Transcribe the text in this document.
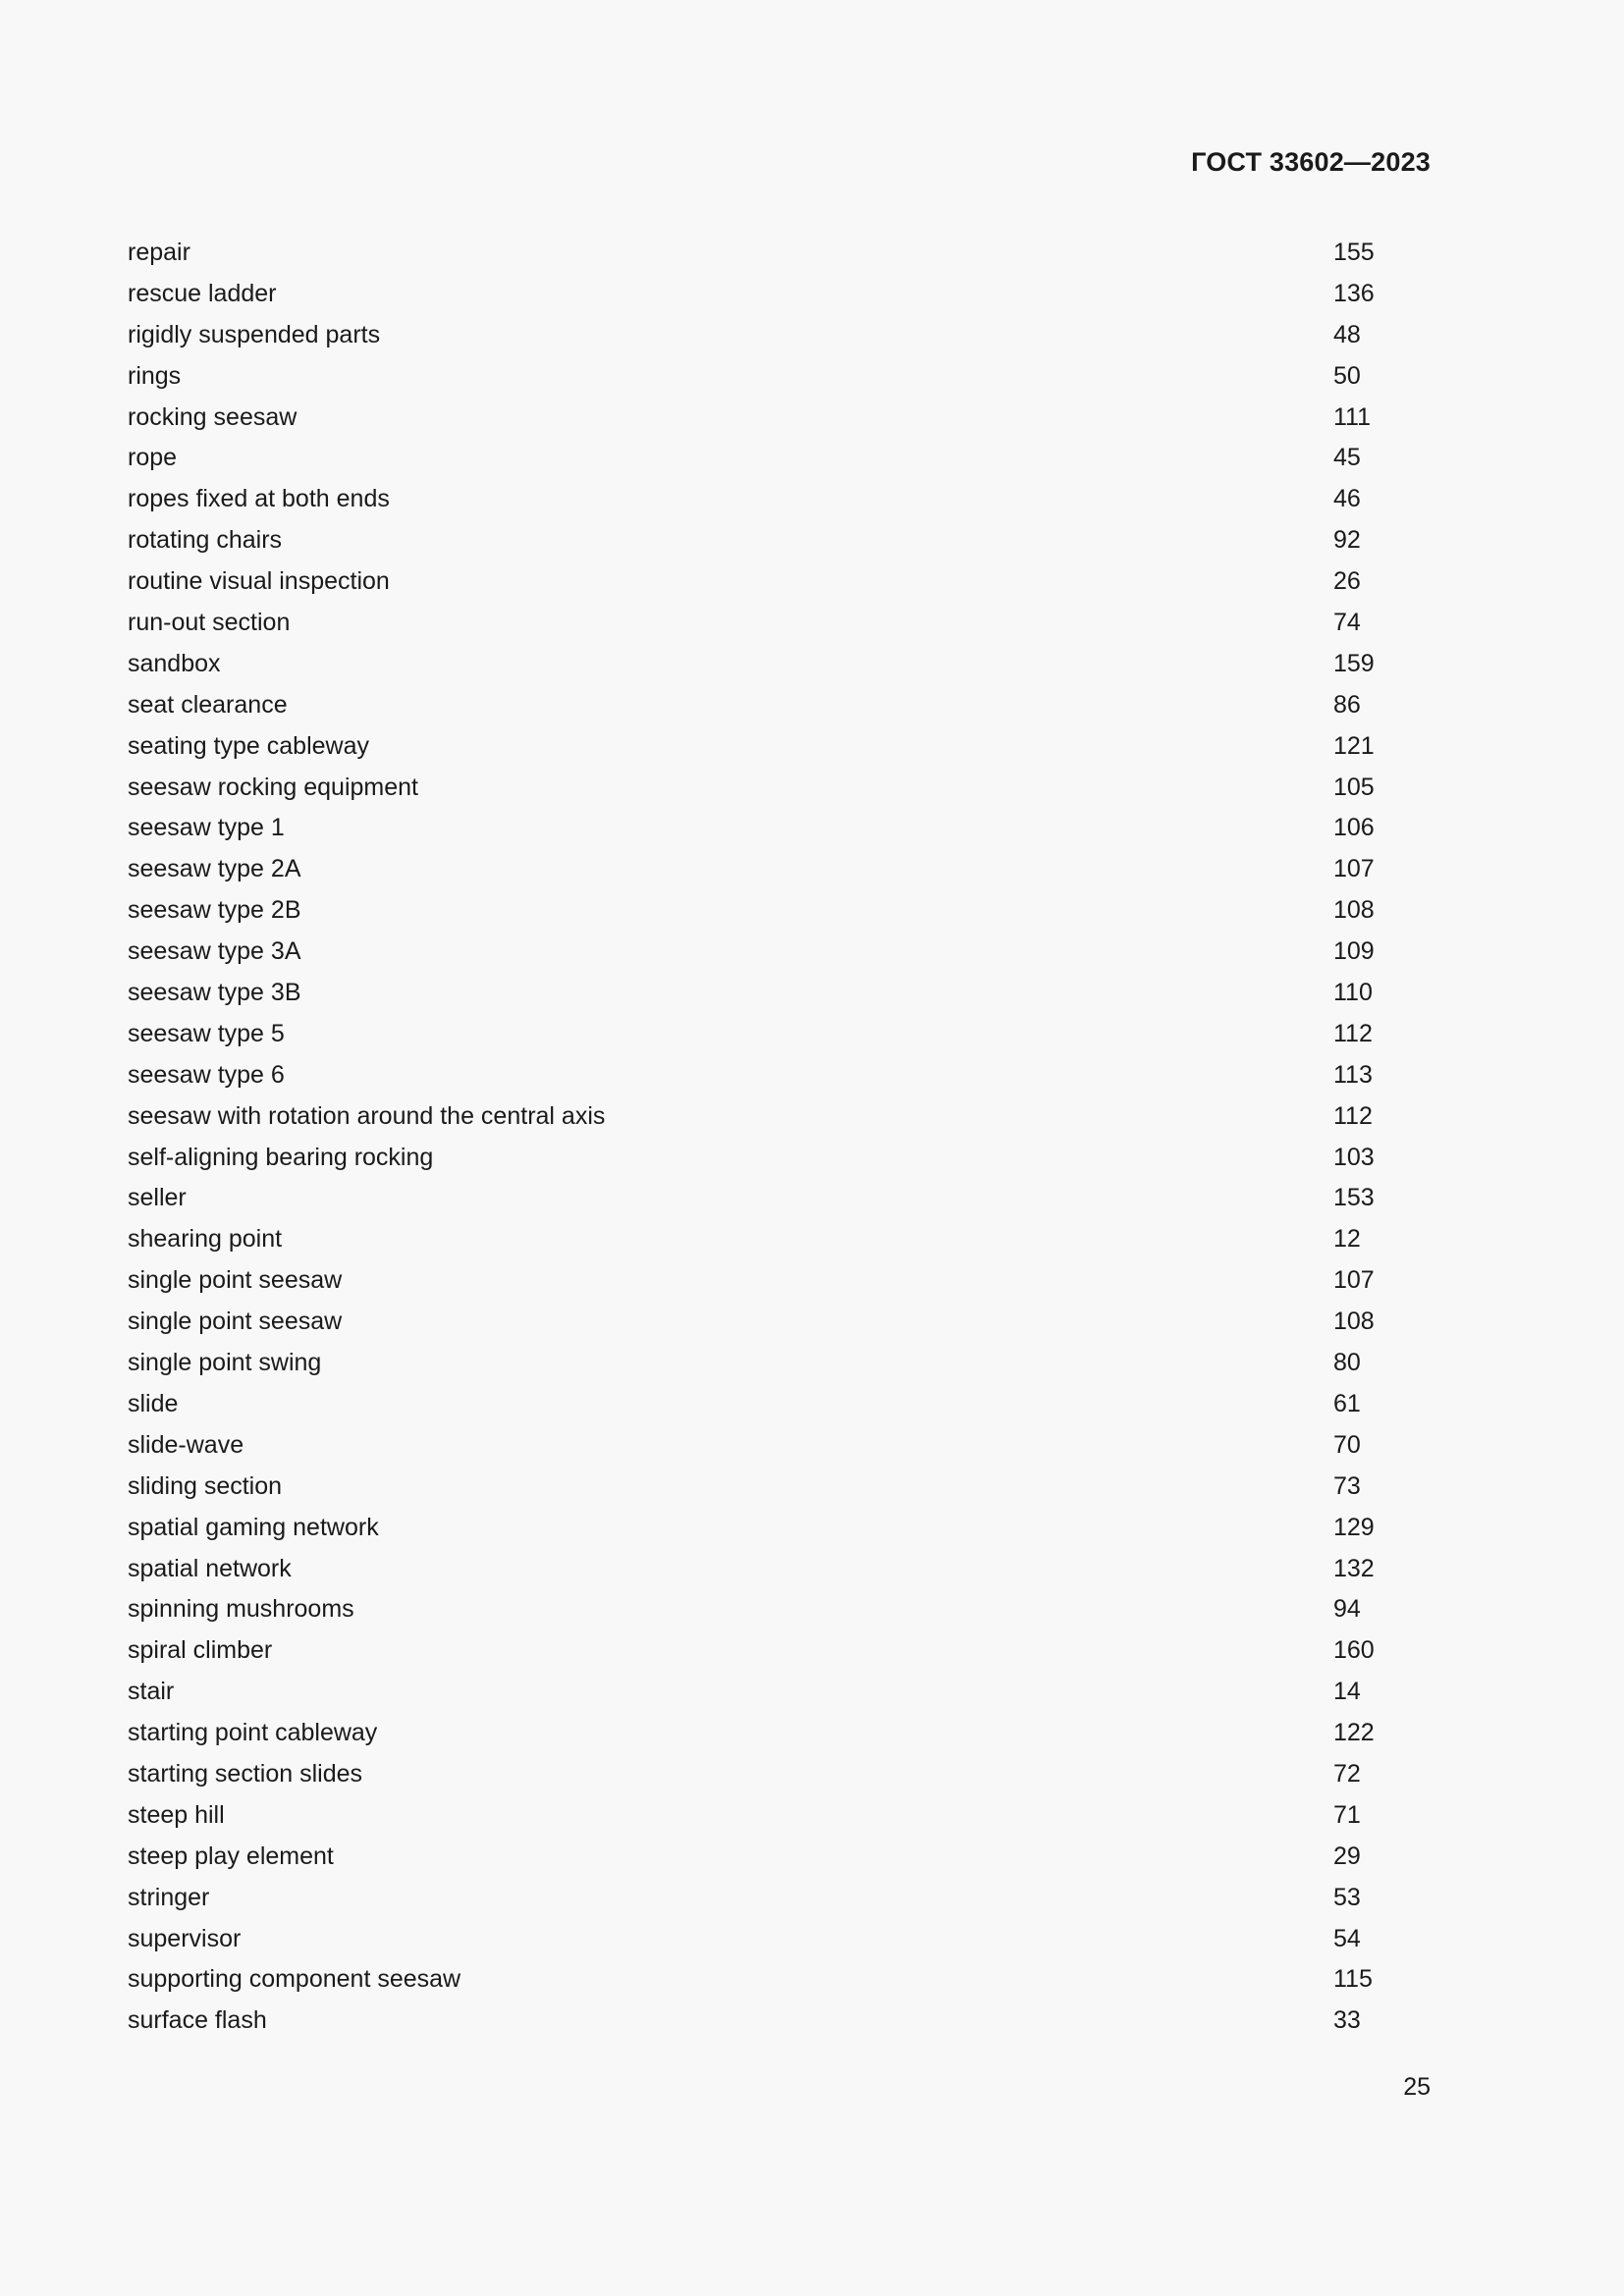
ГОСТ 33602—2023
repair	155
rescue ladder	136
rigidly suspended parts	48
rings	50
rocking seesaw	111
rope	45
ropes fixed at both ends	46
rotating chairs	92
routine visual inspection	26
run-out section	74
sandbox	159
seat clearance	86
seating type cableway	121
seesaw rocking equipment	105
seesaw type 1	106
seesaw type 2A	107
seesaw type 2B	108
seesaw type 3A	109
seesaw type 3B	110
seesaw type 5	112
seesaw type 6	113
seesaw with rotation around the central axis	112
self-aligning bearing rocking	103
seller	153
shearing point	12
single point seesaw	107
single point seesaw	108
single point swing	80
slide	61
slide-wave	70
sliding section	73
spatial gaming network	129
spatial network	132
spinning mushrooms	94
spiral climber	160
stair	14
starting point cableway	122
starting section slides	72
steep hill	71
steep play element	29
stringer	53
supervisor	54
supporting component seesaw	115
surface flash	33
25
